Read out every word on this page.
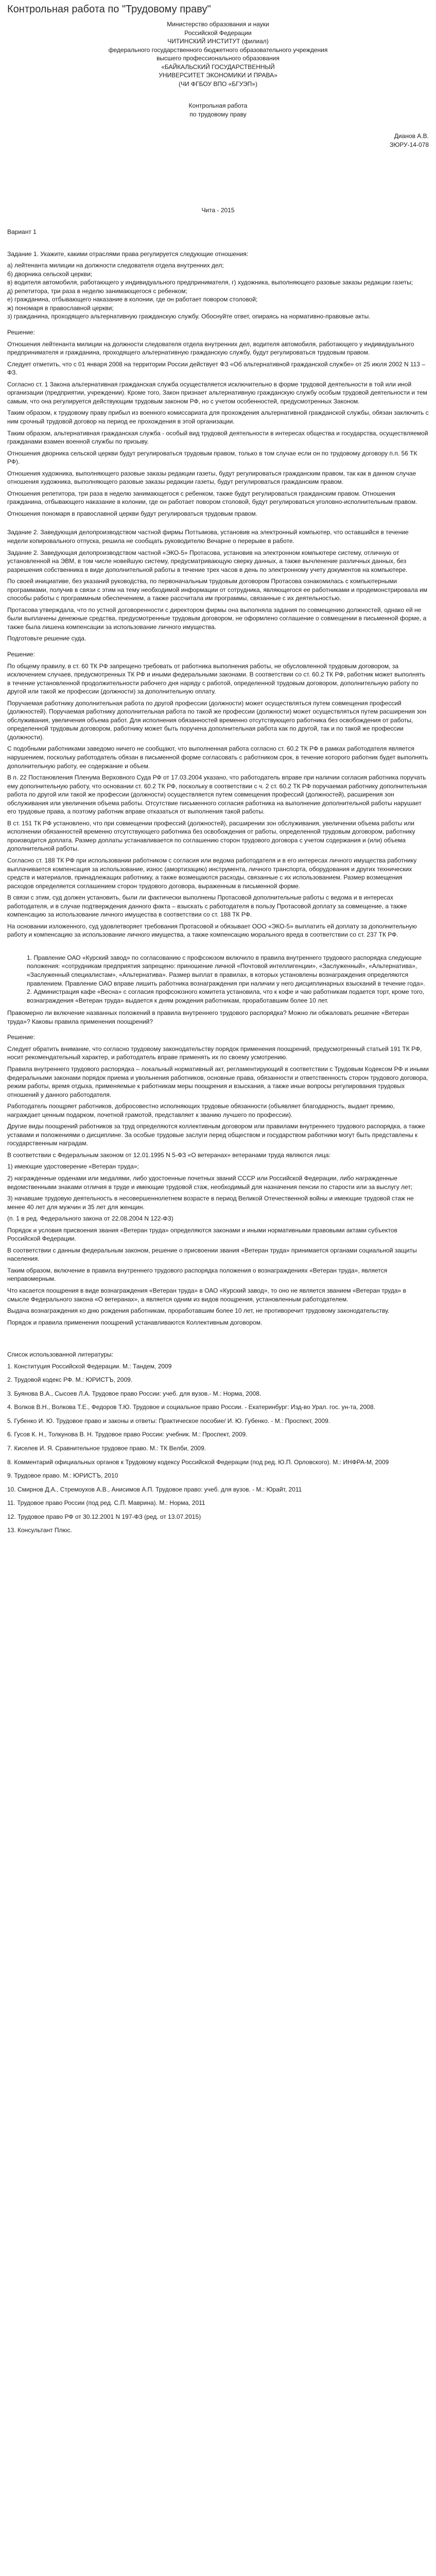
Контрольная работа по "Трудовому праву"

Министерство образования и науки

Российской Федерации

ЧИТИНСКИЙ ИНСТИТУТ (филиал)

федерального государственного бюджетного образовательного учреждения

высшего профессионального образования

«БАЙКАЛЬСКИЙ ГОСУДАРСТВЕННЫЙ

УНИВЕРСИТЕТ ЭКОНОМИКИ И ПРАВА»

(ЧИ ФГБОУ ВПО «БГУЭП»)

Контрольная работа

по трудовому праву

Дианов А.В.

ЗЮРУ-14-078

Чита - 2015

Вариант 1

Задание 1. Укажите, какими отраслями права регулируется следующие отношения:

а) лейтенанта милиции на должности следователя отдела внутренних дел;
б) дворника сельской церкви;
в) водителя автомобиля, работающего у индивидуального предпринимателя, г) художника, выполняющего разовые заказы редакции газеты;
д) репетитора, три раза в неделю занимающегося с ребенком;
е) гражданина, отбывающего наказание в колонии, где он работает повором столовой;
ж) пономаря в православной церкви;
з) гражданина, проходящего альтернативную гражданскую службу. Обоснуйте ответ, опираясь на нормативно-правовые акты.

Решение:

Отношения лейтенанта милиции на должности следователя отдела внутренних дел, водителя автомобиля, работающего у индивидуального предпринимателя и гражданина, проходящего альтернативную гражданскую службу, будут регулироваться трудовым правом.

Следует отметить, что с 01 января 2008 на территории России действует ФЗ «Об альтернативной гражданской службе» от 25 июля 2002 N 113 – ФЗ.

Согласно ст. 1 Закона альтернативная гражданская служба осуществляется исключительно в форме трудовой деятельности в той или иной организации (предприятии, учреждении). Кроме того, Закон признает альтернативную гражданскую службу особым трудовой деятельности и тем самым, что она регулируется действующим трудовым законом РФ, но с учетом особенностей, предусмотренных Законом.

Таким образом, к трудовому праву прибыл из военного комиссариата для прохождения альтернативной гражданской службы, обязан заключить с ним срочный трудовой договор на период ее прохождения в этой организации.

Таким образом, альтернативная гражданская служба - особый вид трудовой деятельности в интересах общества и государства, осуществляемой гражданами взамен военной службы по призыву.

Отношения дворника сельской церкви будут регулироваться трудовым правом, только в том случае если он по трудовому договору п.п. 56 ТК РФ).

Отношения художника, выполняющего разовые заказы редакции газеты, будут регулироваться гражданским правом, так как в данном случае отношения художника, выполняющего разовые заказы редакции газеты, будут регулироваться гражданским правом.

Отношения репетитора, три раза в неделю занимающегося с ребенком, также будут регулироваться гражданским правом. Отношения гражданина, отбывающего наказание в колонии, где он работает повором столовой, будут регулироваться уголовно-исполнительным правом.

Отношения пономаря в православной церкви будут регулироваться трудовым правом.

Задание 2. Заведующая делопроизводством частной фирмы Поттымова, установив на электронный компьютер, что оставшийся в течение недели копировального отпуска, решила не сообщать руководителю Вечарне о перерыве в работе.

Задание 2. Заведующая делопроизводством частной «ЭКО-5» Протасова, установив на электронном компьютере систему, отличную от установленной на ЭВМ, в том числе новейшую систему, предусматривающую сверку данных, а также вычленение различных данных, без разрешения собственника в виде дополнительной работы в течение трех часов в день по электронному учету документов на компьютере.

По своей инициативе, без указаний руководства, по первоначальным трудовым договором Протасова ознакомилась с компьютерными программами, получив в связи с этим на тему необходимой информации от сотрудника, являющегося ее работниками и продемонстрировала им способы работы с программным обеспечением, а также рассчитала им программы, связанные с их деятельностью.

Протасова утверждала, что по устной договоренности с директором фирмы она выполняла задания по совмещению должностей, однако ей не были выплачены денежные средства, предусмотренные трудовым договором, не оформлено соглашение о совмещении в письменной форме, а также была лишена компенсации за использование личного имущества.

Подготовьте решение суда.

Решение:

По общему правилу, в ст. 60 ТК РФ запрещено требовать от работника выполнения работы, не обусловленной трудовым договором, за исключением случаев, предусмотренных ТК РФ и иными федеральными законами. В соответствии со ст. 60.2 ТК РФ, работник может выполнять в течение установленной продолжительности рабочего дня наряду с работой, определенной трудовым договором, дополнительную работу по другой или такой же профессии (должности) за дополнительную оплату.

Поручаемая работнику дополнительная работа по другой профессии (должности) может осуществляться путем совмещения профессий (должностей). Поручаемая работнику дополнительная работа по такой же профессии (должности) может осуществляться путем расширения зон обслуживания, увеличения объема работ. Для исполнения обязанностей временно отсутствующего работника без освобождения от работы, определенной трудовым договором, работнику может быть поручена дополнительная работа как по другой, так и по такой же профессии (должности).

С подобными работниками заведомо ничего не сообщают, что выполненная работа согласно ст. 60.2 ТК РФ в рамках работодателя является нарушением, поскольку работодатель обязан в письменной форме согласовать с работником срок, в течение которого работник будет выполнять дополнительную работу, ее содержание и объем.

В п. 22 Постановления Пленума Верховного Суда РФ от 17.03.2004 указано, что работодатель вправе при наличии согласия работника поручать ему дополнительную работу, что основании ст. 60.2 ТК РФ, поскольку в соответствии с ч. 2 ст. 60.2 ТК РФ поручаемая работнику дополнительная работа по другой или такой же профессии (должности) осуществляется путем совмещения профессий (должностей), расширения зон обслуживания или увеличения объема работы. Отсутствие письменного согласия работника на выполнение дополнительной работы нарушает его трудовые права, а поэтому работник вправе отказаться от выполнения такой работы.

В ст. 151 ТК РФ установлено, что при совмещении профессий (должностей), расширении зон обслуживания, увеличении объема работы или исполнении обязанностей временно отсутствующего работника без освобождения от работы, определенной трудовым договором, работнику производится доплата. Размер доплаты устанавливается по соглашению сторон трудового договора с учетом содержания и (или) объема дополнительной работы.

Согласно ст. 188 ТК РФ при использовании работником с согласия или ведома работодателя и в его интересах личного имущества работнику выплачивается компенсация за использование, износ (амортизацию) инструмента, личного транспорта, оборудования и других технических средств и материалов, принадлежащих работнику, а также возмещаются расходы, связанные с их использованием. Размер возмещения расходов определяется соглашением сторон трудового договора, выраженным в письменной форме.

В связи с этим, суд должен установить, были ли фактически выполнены Протасовой дополнительные работы с ведома и в интересах работодателя, и в случае подтверждения данного факта – взыскать с работодателя в пользу Протасовой доплату за совмещение, а также компенсацию за использование личного имущества в соответствии со ст. 188 ТК РФ.

На основании изложенного, суд удовлетворяет требования Протасовой и обязывает ООО «ЭКО-5» выплатить ей доплату за дополнительную работу и компенсацию за использование личного имущества, а также компенсацию морального вреда в соответствии со ст. 237 ТК РФ.

1. Правление ОАО «Курский завод» по согласованию с профсоюзом включило в правила внутреннего трудового распорядка следующие положения: «сотрудникам предприятия запрещено: приношение личной «Почтовой интеллигенции», «Заслуженный», «Альтернатива», «Заслуженный специалистам», «Альтернатива». Размер выплат в правилах, в которых установлены вознаграждения определяются правлением. Правление ОАО вправе лишить работника вознаграждения при наличии у него дисциплинарных взысканий в течение года».
2. Администрация кафе «Весна» с согласия профсоюзного комитета установила, что к кофе и чаю работникам подается торт, кроме того, вознаграждения «Ветеран труда» выдается к дням рождения работникам, проработавшим более 10 лет.

Правомерно ли включение названных положений в правила внутреннего трудового распорядка? Можно ли обжаловать решение «Ветеран труда»? Каковы правила применения поощрений?

Решение:

Следует обратить внимание, что согласно трудовому законодательству порядок применения поощрений, предусмотренный статьей 191 ТК РФ, носит рекомендательный характер, и работодатель вправе применять их по своему усмотрению.

Правила внутреннего трудового распорядка – локальный нормативный акт, регламентирующий в соответствии с Трудовым Кодексом РФ и иными федеральными законами порядок приема и увольнения работников, основные права, обязанности и ответственность сторон трудового договора, режим работы, время отдыха, применяемые к работникам меры поощрения и взыскания, а также иные вопросы регулирования трудовых отношений у данного работодателя.

Работодатель поощряет работников, добросовестно исполняющих трудовые обязанности (объявляет благодарность, выдает премию, награждает ценным подарком, почетной грамотой, представляет к званию лучшего по профессии).

Другие виды поощрений работников за труд определяются коллективным договором или правилами внутреннего трудового распорядка, а также уставами и положениями о дисциплине. За особые трудовые заслуги перед обществом и государством работники могут быть представлены к государственным наградам.

В соответствии с Федеральным законом от 12.01.1995 N 5-ФЗ «О ветеранах» ветеранами труда являются лица:

1) имеющие удостоверение «Ветеран труда»;

2) награжденные орденами или медалями, либо удостоенные почетных званий СССР или Российской Федерации, либо награжденные ведомственными знаками отличия в труде и имеющие трудовой стаж, необходимый для назначения пенсии по старости или за выслугу лет;

3) начавшие трудовую деятельность в несовершеннолетнем возрасте в период Великой Отечественной войны и имеющие трудовой стаж не менее 40 лет для мужчин и 35 лет для женщин.

(п. 1 в ред. Федерального закона от 22.08.2004 N 122-ФЗ)

Порядок и условия присвоения звания «Ветеран труда» определяются законами и иными нормативными правовыми актами субъектов Российской Федерации.

В соответствии с данным федеральным законом, решение о присвоении звания «Ветеран труда» принимается органами социальной защиты населения.

Таким образом, включение в правила внутреннего трудового распорядка положения о вознаграждениях «Ветеран труда», является неправомерным.

Что касается поощрения в виде вознаграждения «Ветеран труда» в ОАО «Курский завод», то оно не является званием «Ветеран труда» в смысле Федерального закона «О ветеранах», а является одним из видов поощрения, установленным работодателем.

Выдача вознаграждения ко дню рождения работникам, проработавшим более 10 лет, не противоречит трудовому законодательству.

Порядок и правила применения поощрений устанавливаются Коллективным договором.

Список использованной литературы:

1. Конституция Российской Федерации. М.: Тандем, 2009
2. Трудовой кодекс РФ. М.: ЮРИСТЪ, 2009.
3. Буянова В.А., Сысоев Л.А. Трудовое право России: учеб. для вузов.- М.: Норма, 2008.
4. Волков В.Н., Волкова Т.Е., Федоров Т.Ю. Трудовое и социальное право России. - Екатеринбург: Изд-во Урал. гос. ун-та, 2008.
5. Губенко И. Ю. Трудовое право и законы и ответы: Практическое пособие/ И. Ю. Губенко. - М.: Проспект, 2009.
6. Гусов К. Н., Толкунова В. Н. Трудовое право России: учебник. М.: Проспект, 2009.
7. Киселев И. Я. Сравнительное трудовое право. М.: ТК Велби, 2009.
8. Комментарий официальных органов к Трудовому кодексу Российской Федерации (под ред. Ю.П. Орловского). М.: ИНФРА-М, 2009
9. Трудовое право. М.: ЮРИСТЪ, 2010
10. Смирнов Д.А., Стремоухов А.В., Анисимов А.П. Трудовое право: учеб. для вузов. - М.: Юрайт, 2011
11. Трудовое право России (под ред. С.П. Маврина). М.: Норма, 2011
12. Трудовое право РФ от 30.12.2001 N 197-ФЗ (ред. от 13.07.2015)
13. Консультант Плюс.
